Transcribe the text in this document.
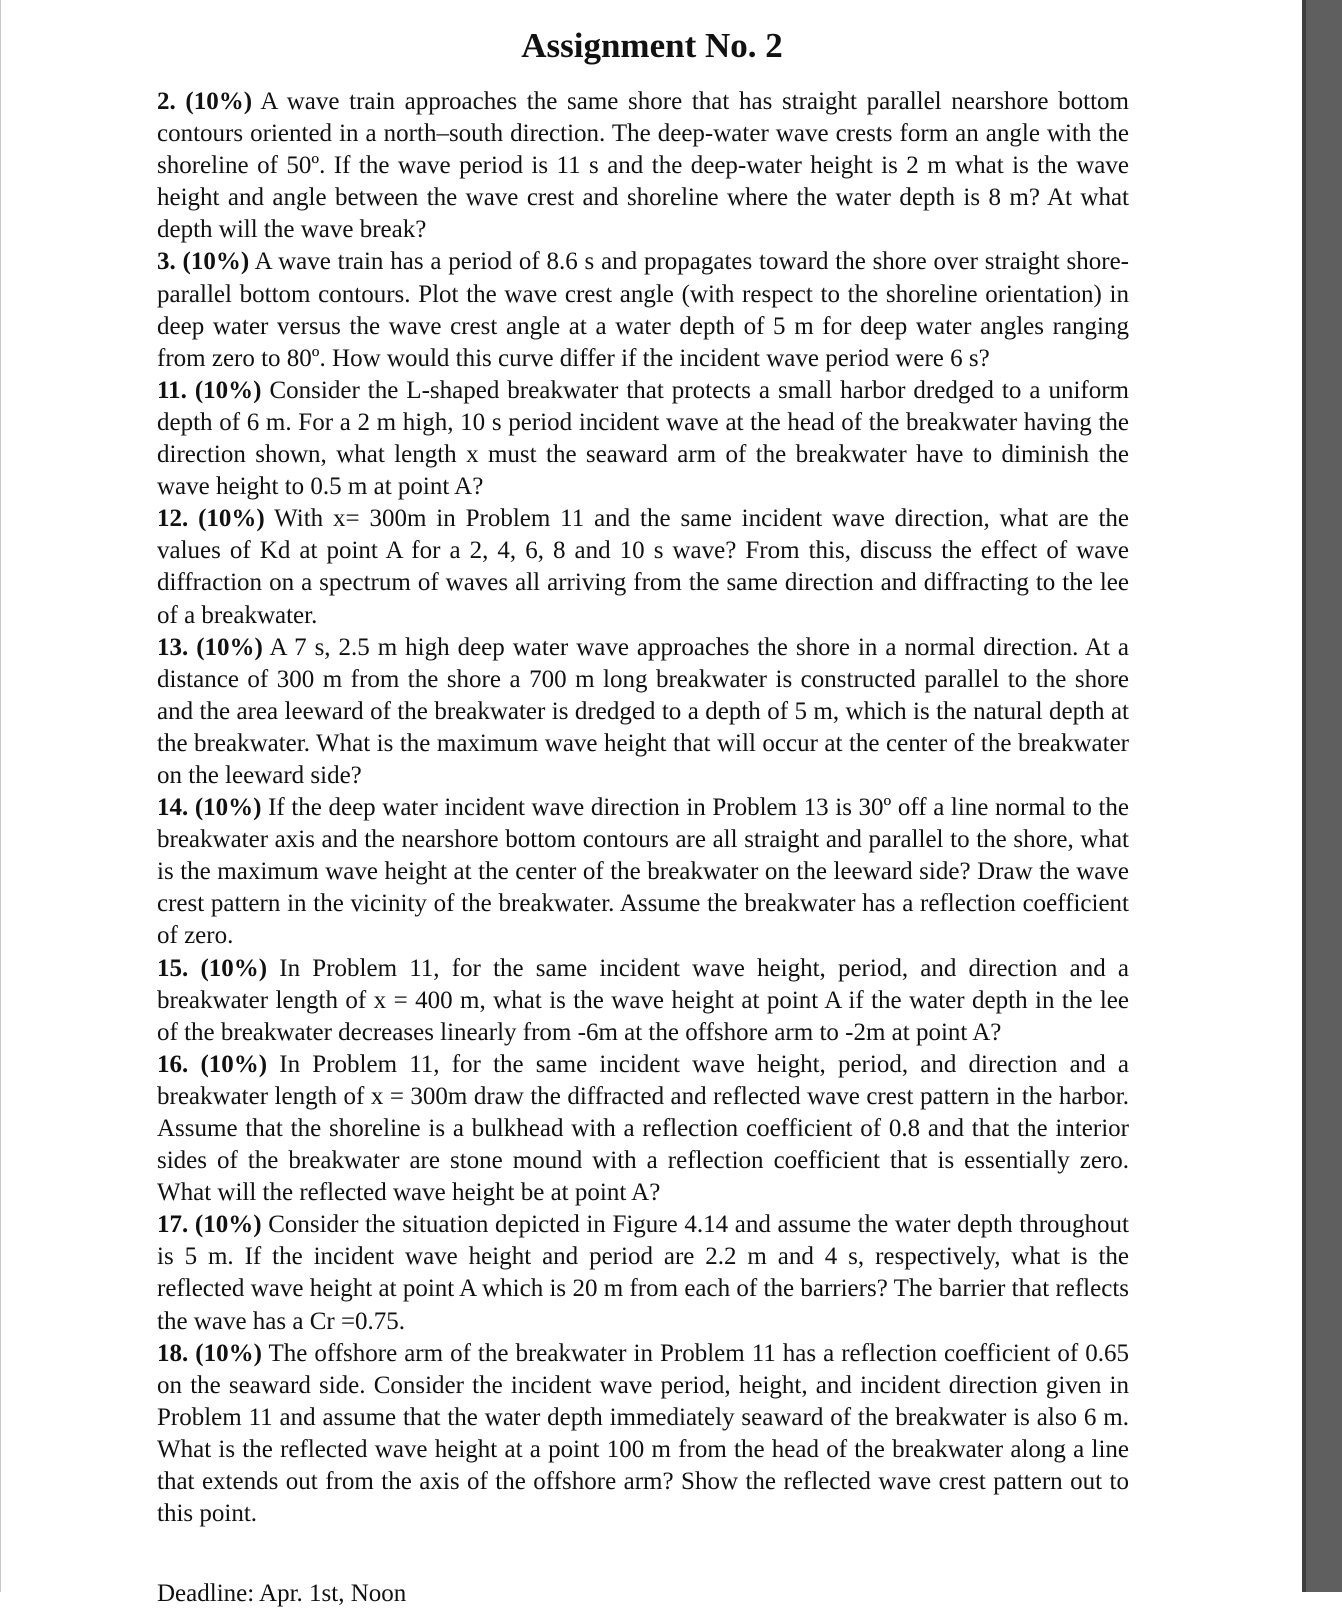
Assignment No. 2

2. (10%) A wave train approaches the same shore that has straight parallel nearshore bottom contours oriented in a north–south direction. The deep-water wave crests form an angle with the shoreline of 50º. If the wave period is 11 s and the deep-water height is 2 m what is the wave height and angle between the wave crest and shoreline where the water depth is 8 m? At what depth will the wave break?

3. (10%) A wave train has a period of 8.6 s and propagates toward the shore over straight shore-parallel bottom contours. Plot the wave crest angle (with respect to the shoreline orientation) in deep water versus the wave crest angle at a water depth of 5 m for deep water angles ranging from zero to 80º. How would this curve differ if the incident wave period were 6 s?

11. (10%) Consider the L-shaped breakwater that protects a small harbor dredged to a uniform depth of 6 m. For a 2 m high, 10 s period incident wave at the head of the breakwater having the direction shown, what length x must the seaward arm of the breakwater have to diminish the wave height to 0.5 m at point A?

12. (10%) With x= 300m in Problem 11 and the same incident wave direction, what are the values of Kd at point A for a 2, 4, 6, 8 and 10 s wave? From this, discuss the effect of wave diffraction on a spectrum of waves all arriving from the same direction and diffracting to the lee of a breakwater.

13. (10%) A 7 s, 2.5 m high deep water wave approaches the shore in a normal direction. At a distance of 300 m from the shore a 700 m long breakwater is constructed parallel to the shore and the area leeward of the breakwater is dredged to a depth of 5 m, which is the natural depth at the breakwater. What is the maximum wave height that will occur at the center of the breakwater on the leeward side?

14. (10%) If the deep water incident wave direction in Problem 13 is 30º off a line normal to the breakwater axis and the nearshore bottom contours are all straight and parallel to the shore, what is the maximum wave height at the center of the breakwater on the leeward side? Draw the wave crest pattern in the vicinity of the breakwater. Assume the breakwater has a reflection coefficient of zero.

15. (10%) In Problem 11, for the same incident wave height, period, and direction and a breakwater length of x = 400 m, what is the wave height at point A if the water depth in the lee of the breakwater decreases linearly from -6m at the offshore arm to -2m at point A?

16. (10%) In Problem 11, for the same incident wave height, period, and direction and a breakwater length of x = 300m draw the diffracted and reflected wave crest pattern in the harbor. Assume that the shoreline is a bulkhead with a reflection coefficient of 0.8 and that the interior sides of the breakwater are stone mound with a reflection coefficient that is essentially zero. What will the reflected wave height be at point A?

17. (10%) Consider the situation depicted in Figure 4.14 and assume the water depth throughout is 5 m. If the incident wave height and period are 2.2 m and 4 s, respectively, what is the reflected wave height at point A which is 20 m from each of the barriers? The barrier that reflects the wave has a Cr =0.75.

18. (10%) The offshore arm of the breakwater in Problem 11 has a reflection coefficient of 0.65 on the seaward side. Consider the incident wave period, height, and incident direction given in Problem 11 and assume that the water depth immediately seaward of the breakwater is also 6 m. What is the reflected wave height at a point 100 m from the head of the breakwater along a line that extends out from the axis of the offshore arm? Show the reflected wave crest pattern out to this point.

Deadline: Apr. 1st, Noon
